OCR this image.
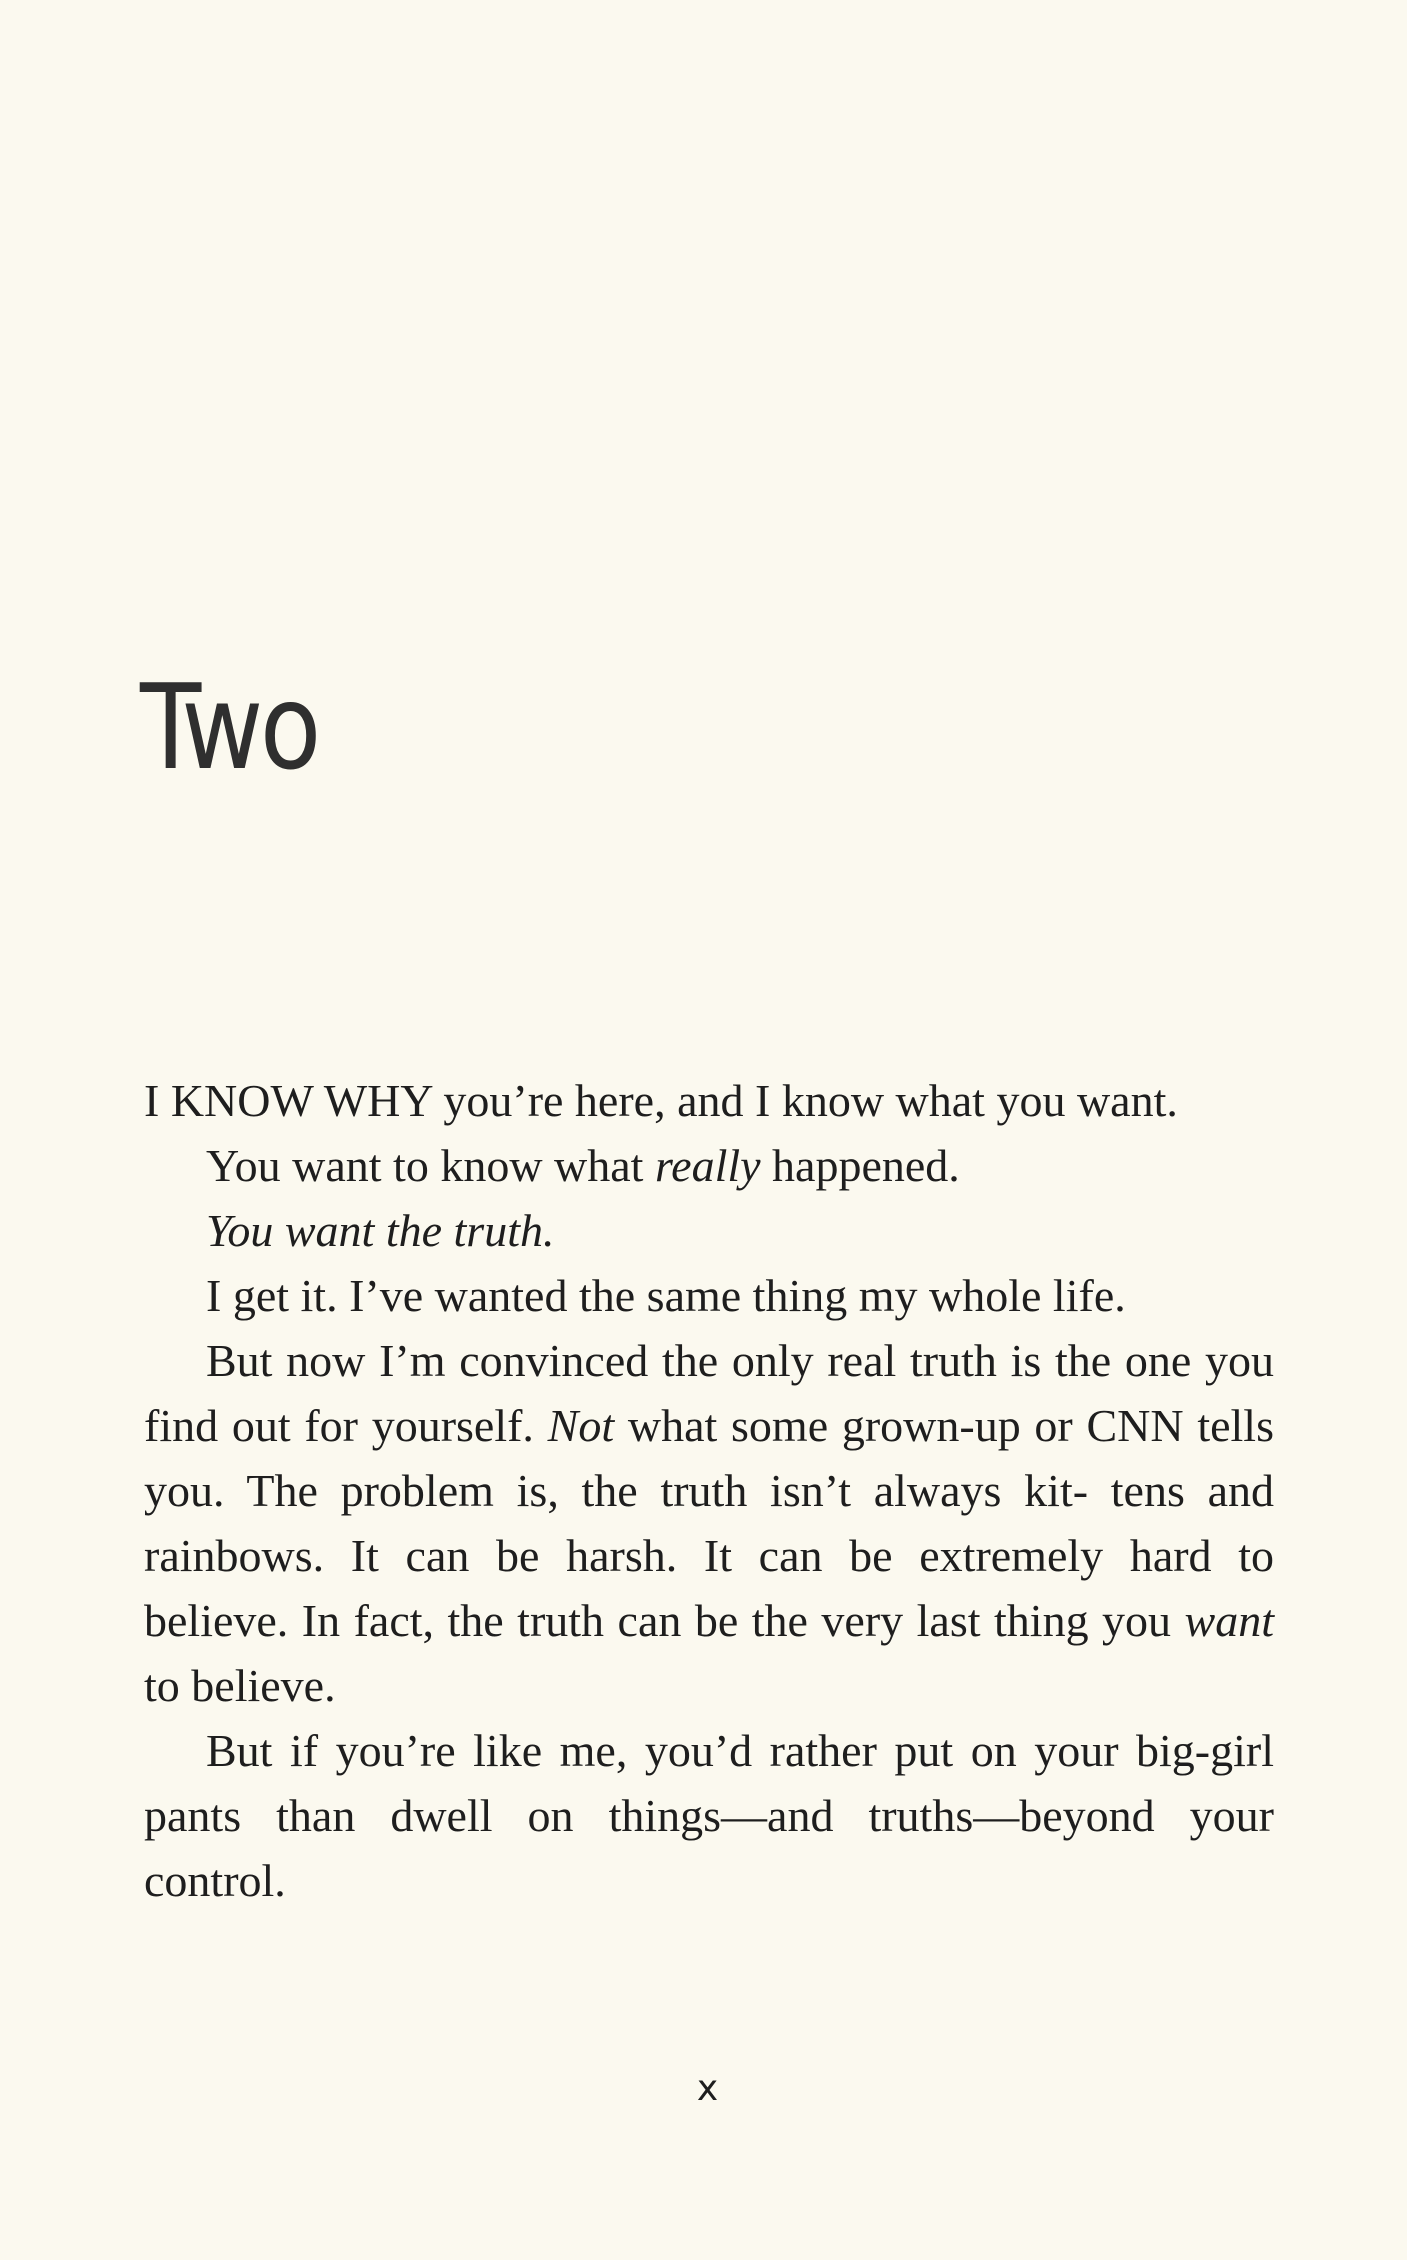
Two

I KNOW WHY you’re here, and I know what you want.

You want to know what really happened.

You want the truth.

I get it. I’ve wanted the same thing my whole life.

But now I’m convinced the only real truth is the one you find out for yourself. Not what some grown-up or CNN tells you. The problem is, the truth isn’t always kit- tens and rainbows. It can be harsh. It can be extremely hard to believe. In fact, the truth can be the very last thing you want to believe.

But if you’re like me, you’d rather put on your big-girl pants than dwell on things—and truths—beyond your control.

x
